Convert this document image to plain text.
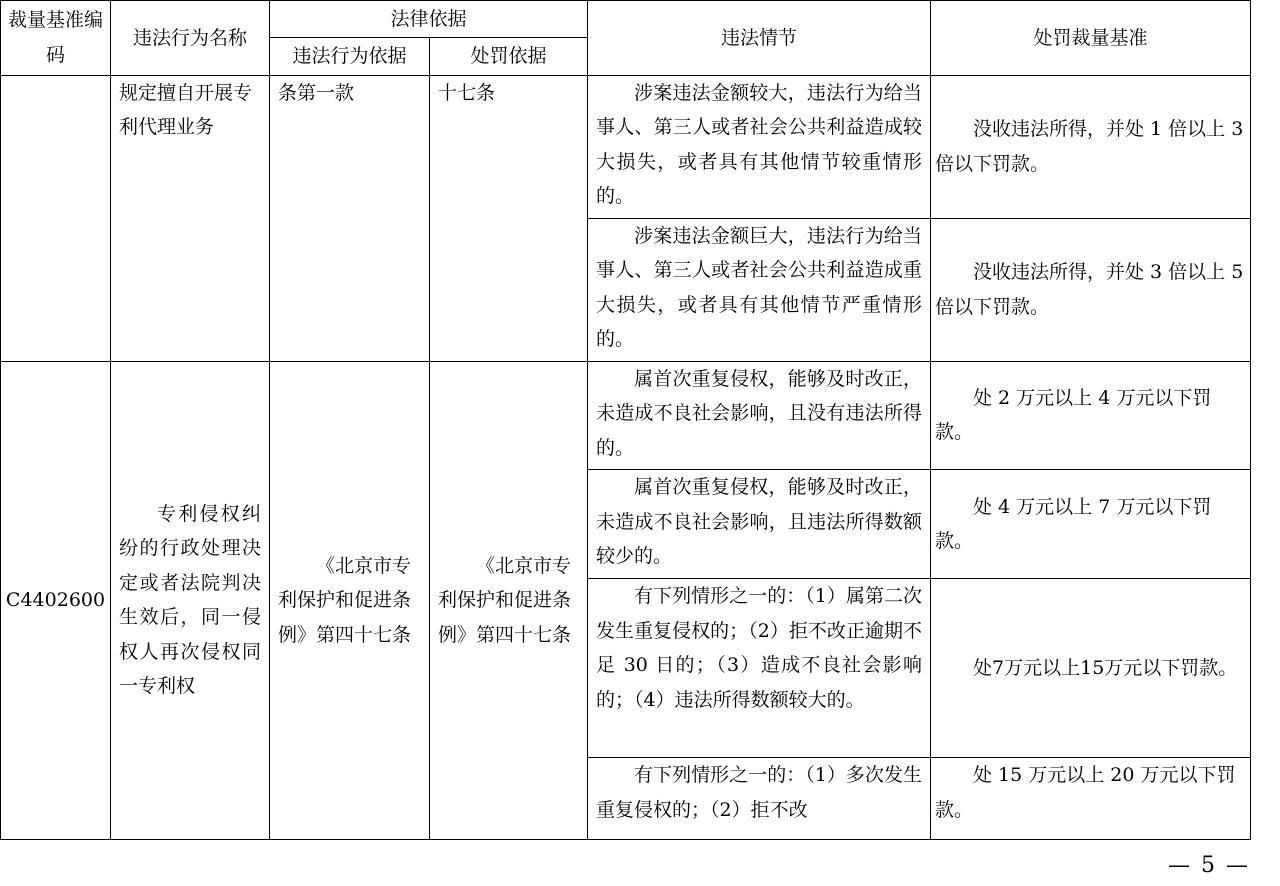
裁量基准编码	违法行为名称	法律依据		违法情节	处罚裁量基准
		违法行为依据	处罚依据		
	规定擅自开展专利代理业务	条第一款	十七条	涉案违法金额较大，违法行为给当事人、第三人或者社会公共利益造成较大损失，或者具有其他情节较重情形的。	没收违法所得，并处 1 倍以上 3 倍以下罚款。
				涉案违法金额巨大，违法行为给当事人、第三人或者社会公共利益造成重大损失，或者具有其他情节严重情形的。	没收违法所得，并处 3 倍以上 5 倍以下罚款。
C4402600	专利侵权纠纷的行政处理决定或者法院判决生效后，同一侵权人再次侵权同一专利权	《北京市专利保护和促进条例》第四十七条	《北京市专利保护和促进条例》第四十七条	属首次重复侵权，能够及时改正，未造成不良社会影响，且没有违法所得的。	处 2 万元以上 4 万元以下罚款。
				属首次重复侵权，能够及时改正，未造成不良社会影响，且违法所得数额较少的。	处 4 万元以上 7 万元以下罚款。
				有下列情形之一的：（1）属第二次发生重复侵权的；（2）拒不改正逾期不足 30 日的；（3）造成不良社会影响的；（4）违法所得数额较大的。	处7万元以上15万元以下罚款。
				有下列情形之一的：（1）多次发生重复侵权的；（2）拒不改	处 15 万元以上 20 万元以下罚款。
— 5 —
